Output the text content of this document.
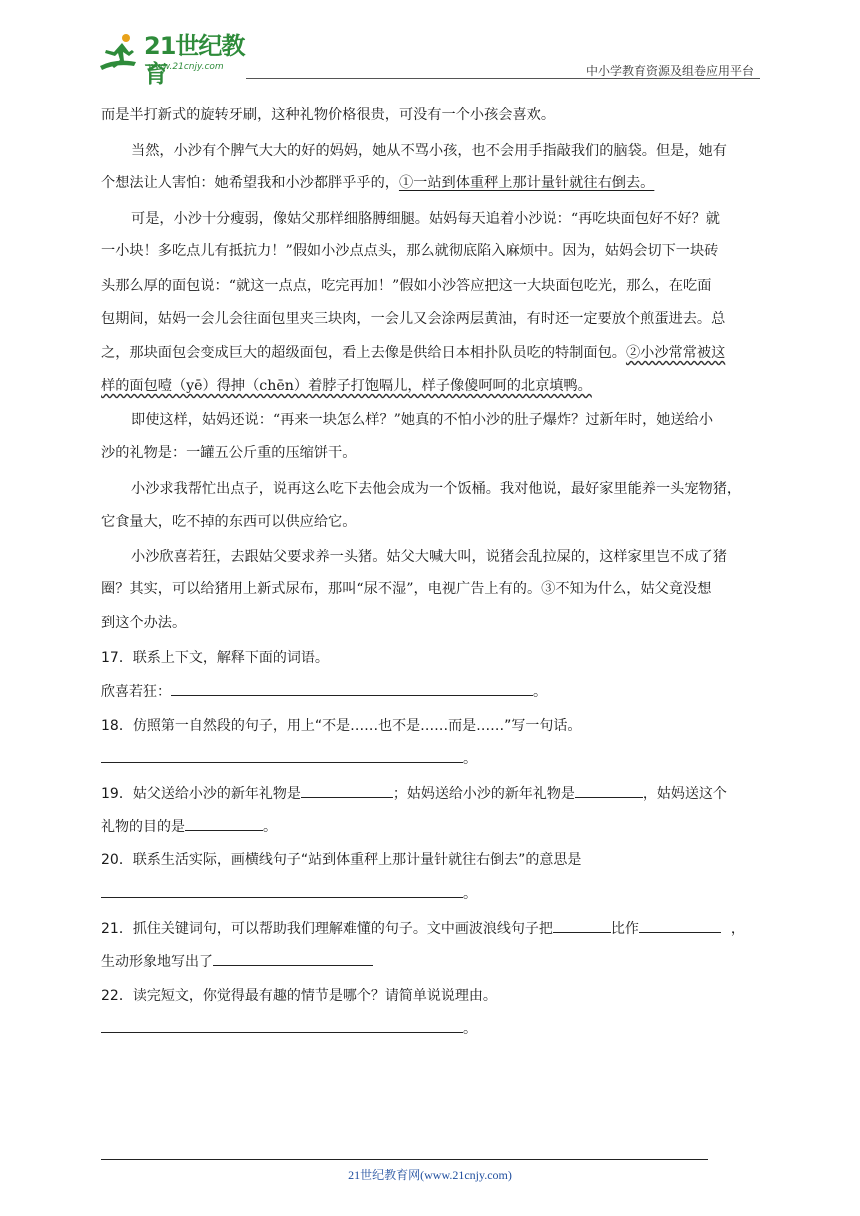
21世纪教育
www.21cnjy.com	中小学教育资源及组卷应用平台
而是半打新式的旋转牙刷，这种礼物价格很贵，可没有一个小孩会喜欢。
当然，小沙有个脾气大大的好的妈妈，她从不骂小孩，也不会用手指敲我们的脑袋。但是，她有
个想法让人害怕：她希望我和小沙都胖乎乎的，①一站到体重秤上那计量针就往右倒去。
可是，小沙十分瘦弱，像姑父那样细胳膊细腿。姑妈每天追着小沙说：“再吃块面包好不好？就
一小块！多吃点儿有抵抗力！”假如小沙点点头，那么就彻底陷入麻烦中。因为，姑妈会切下一块砖
头那么厚的面包说：“就这一点点，吃完再加！”假如小沙答应把这一大块面包吃光，那么，在吃面
包期间，姑妈一会儿会往面包里夹三块肉，一会儿又会涂两层黄油，有时还一定要放个煎蛋进去。总
之，那块面包会变成巨大的超级面包，看上去像是供给日本相扑队员吃的特制面包。②小沙常常被这
样的面包噎（yē）得抻（chēn）着脖子打饱嗝儿，样子像傻呵呵的北京填鸭。
即使这样，姑妈还说：“再来一块怎么样？”她真的不怕小沙的肚子爆炸？过新年时，她送给小
沙的礼物是：一罐五公斤重的压缩饼干。
小沙求我帮忙出点子，说再这么吃下去他会成为一个饭桶。我对他说，最好家里能养一头宠物猪，
它食量大，吃不掉的东西可以供应给它。
小沙欣喜若狂，去跟姑父要求养一头猪。姑父大喊大叫，说猪会乱拉屎的，这样家里岂不成了猪
圈？其实，可以给猪用上新式尿布，那叫“尿不湿”，电视广告上有的。③不知为什么，姑父竟没想
到这个办法。
17．联系上下文，解释下面的词语。
欣喜若狂：	。
18．仿照第一自然段的句子，用上“不是……也不是……而是……”写一句话。
。
19．姑父送给小沙的新年礼物是	；姑妈送给小沙的新年礼物是	，姑妈送这个
礼物的目的是	。
20．联系生活实际，画横线句子“站到体重秤上那计量针就往右倒去”的意思是
。
21．抓住关键词句，可以帮助我们理解难懂的句子。文中画波浪线句子把	比作	，
生动形象地写出了
22．读完短文，你觉得最有趣的情节是哪个？请简单说说理由。
。
21世纪教育网(www.21cnjy.com)
